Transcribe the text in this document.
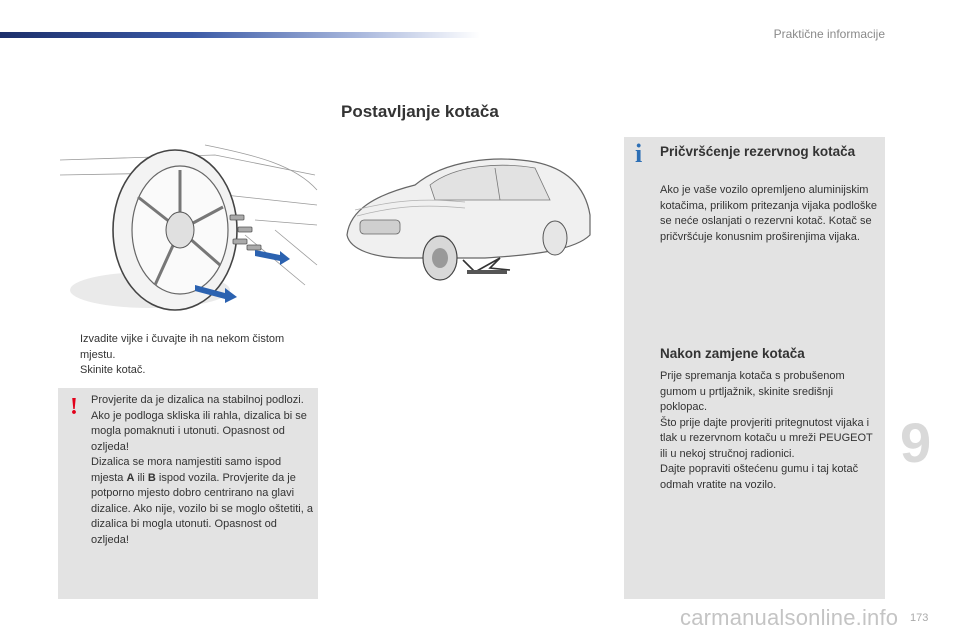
Praktične informacije
Postavljanje kotača
Izvadite vijke i čuvajte ih na nekom čistom mjestu.
Skinite kotač.
!	Provjerite da je dizalica na stabilnoj podlozi. Ako je podloga skliska ili rahla, dizalica bi se mogla pomaknuti i utonuti. Opasnost od ozljeda!

Dizalica se mora namjestiti samo ispod mjesta A ili B ispod vozila. Provjerite da je potporno mjesto dobro centrirano na glavi dizalice. Ako nije, vozilo bi se moglo oštetiti, a dizalica bi mogla utonuti. Opasnost od ozljeda!

i Pričvršćenje rezervnog kotača

Ako je vaše vozilo opremljeno aluminijskim kotačima, prilikom pritezanja vijaka podloške se neće oslanjati o rezervni kotač. Kotač se pričvršćuje konusnim proširenjima vijaka.

Nakon zamjene kotača

Prije spremanja kotača s probušenom gumom u prtljažnik, skinite središnji poklopac.

Što prije dajte provjeriti pritegnutost vijaka i tlak u rezervnom kotaču u mreži PEUGEOT ili u nekoj stručnoj radionici.

Dajte popraviti oštećenu gumu i taj kotač odmah vratite na vozilo.

9
173
carmanualsonline.info
